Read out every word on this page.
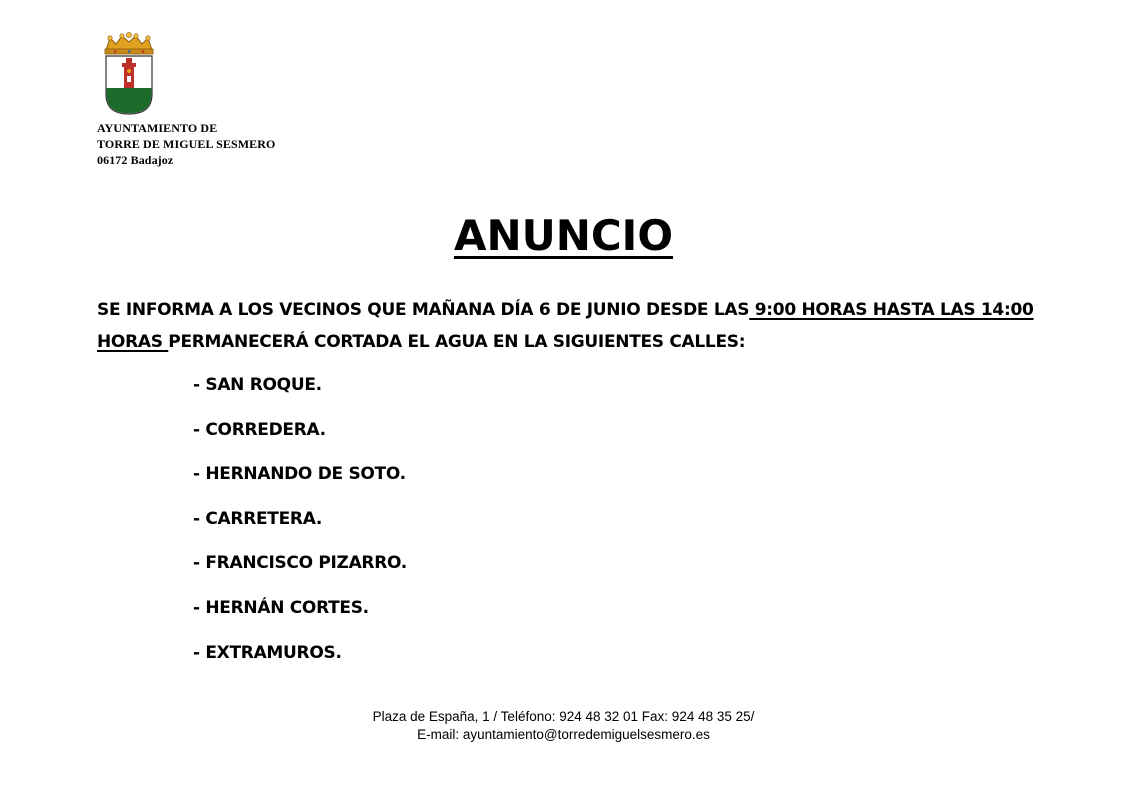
AYUNTAMIENTO DE
TORRE DE MIGUEL SESMERO
06172 Badajoz
ANUNCIO
SE INFORMA A LOS VECINOS QUE MAÑANA DÍA 6 DE JUNIO DESDE LAS 9:00 HORAS HASTA LAS 14:00 HORAS PERMANECERÁ CORTADA EL AGUA EN LA SIGUIENTES CALLES:
- SAN ROQUE.
- CORREDERA.
- HERNANDO DE SOTO.
- CARRETERA.
- FRANCISCO PIZARRO.
- HERNÁN CORTES.
- EXTRAMUROS.
Plaza de España, 1 / Teléfono: 924 48 32 01 Fax: 924 48 35 25/
E-mail: ayuntamiento@torredemiguelsesmero.es
